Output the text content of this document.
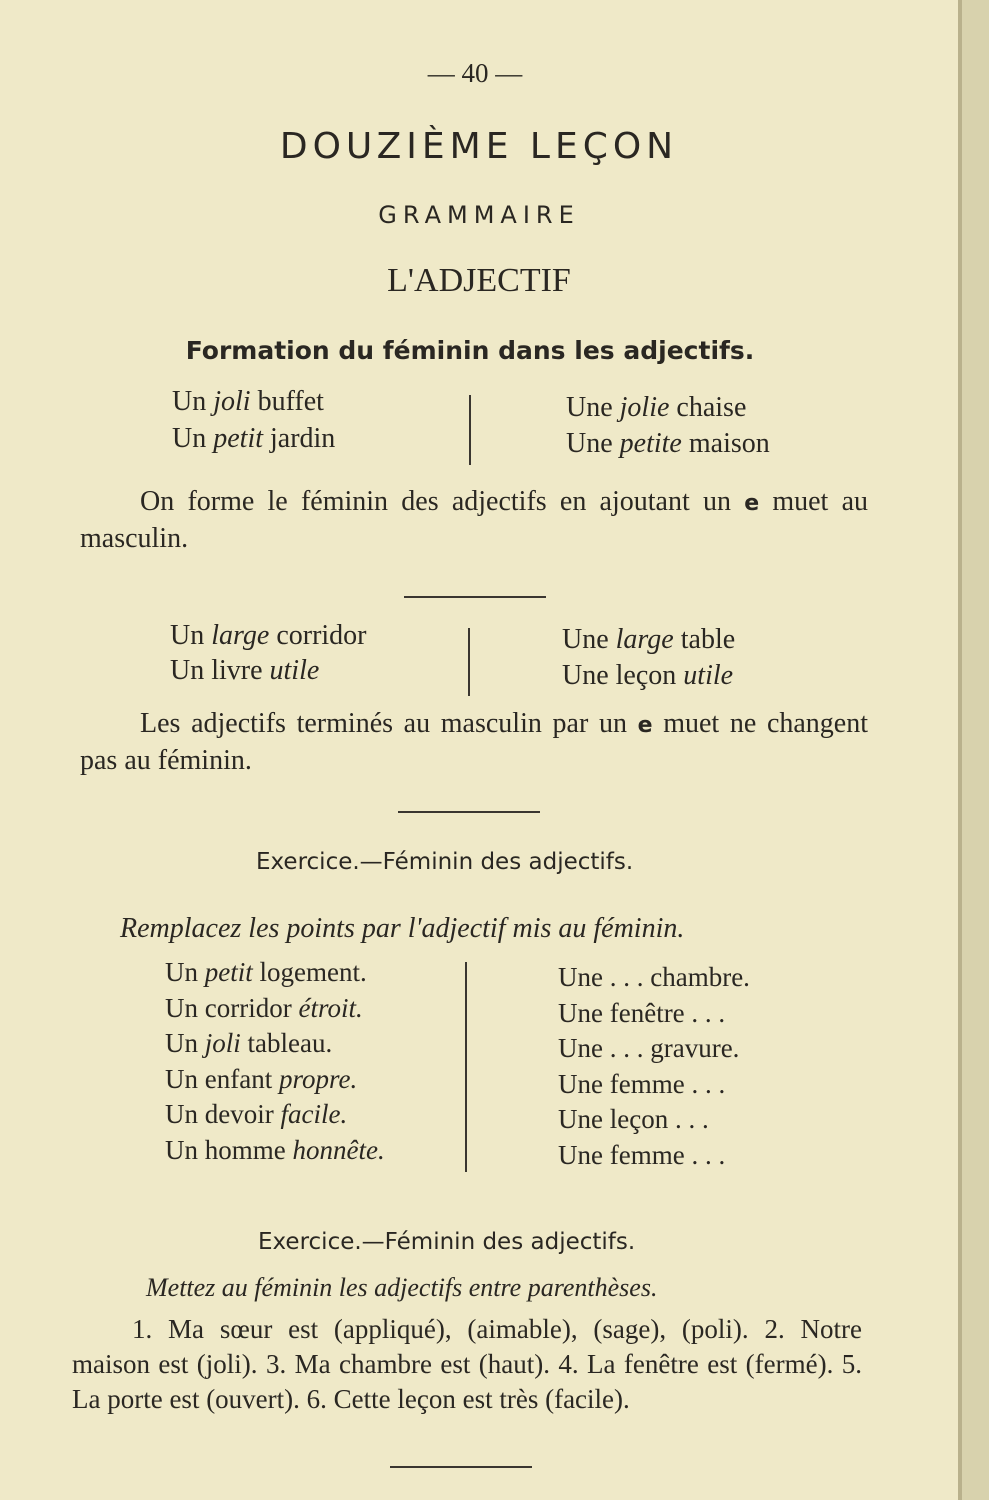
— 40 —
DOUZIÈME LEÇON
GRAMMAIRE
L'ADJECTIF
Formation du féminin dans les adjectifs.
Un joli buffet
Un petit jardin
Une jolie chaise
Une petite maison
On forme le féminin des adjectifs en ajoutant un e muet au masculin.
Un large corridor
Un livre utile
Une large table
Une leçon utile
Les adjectifs terminés au masculin par un e muet ne changent pas au féminin.
Exercice.—Féminin des adjectifs.
Remplacez les points par l'adjectif mis au féminin.
Un petit logement.
Un corridor étroit.
Un joli tableau.
Un enfant propre.
Un devoir facile.
Un homme honnête.
Une . . . chambre.
Une fenêtre . . .
Une . . . gravure.
Une femme . . .
Une leçon . . .
Une femme . . .
Exercice.—Féminin des adjectifs.
Mettez au féminin les adjectifs entre parenthèses.
1. Ma sœur est (appliqué), (aimable), (sage), (poli). 2. Notre maison est (joli). 3. Ma chambre est (haut). 4. La fenêtre est (fermé). 5. La porte est (ouvert). 6. Cette leçon est très (facile).
